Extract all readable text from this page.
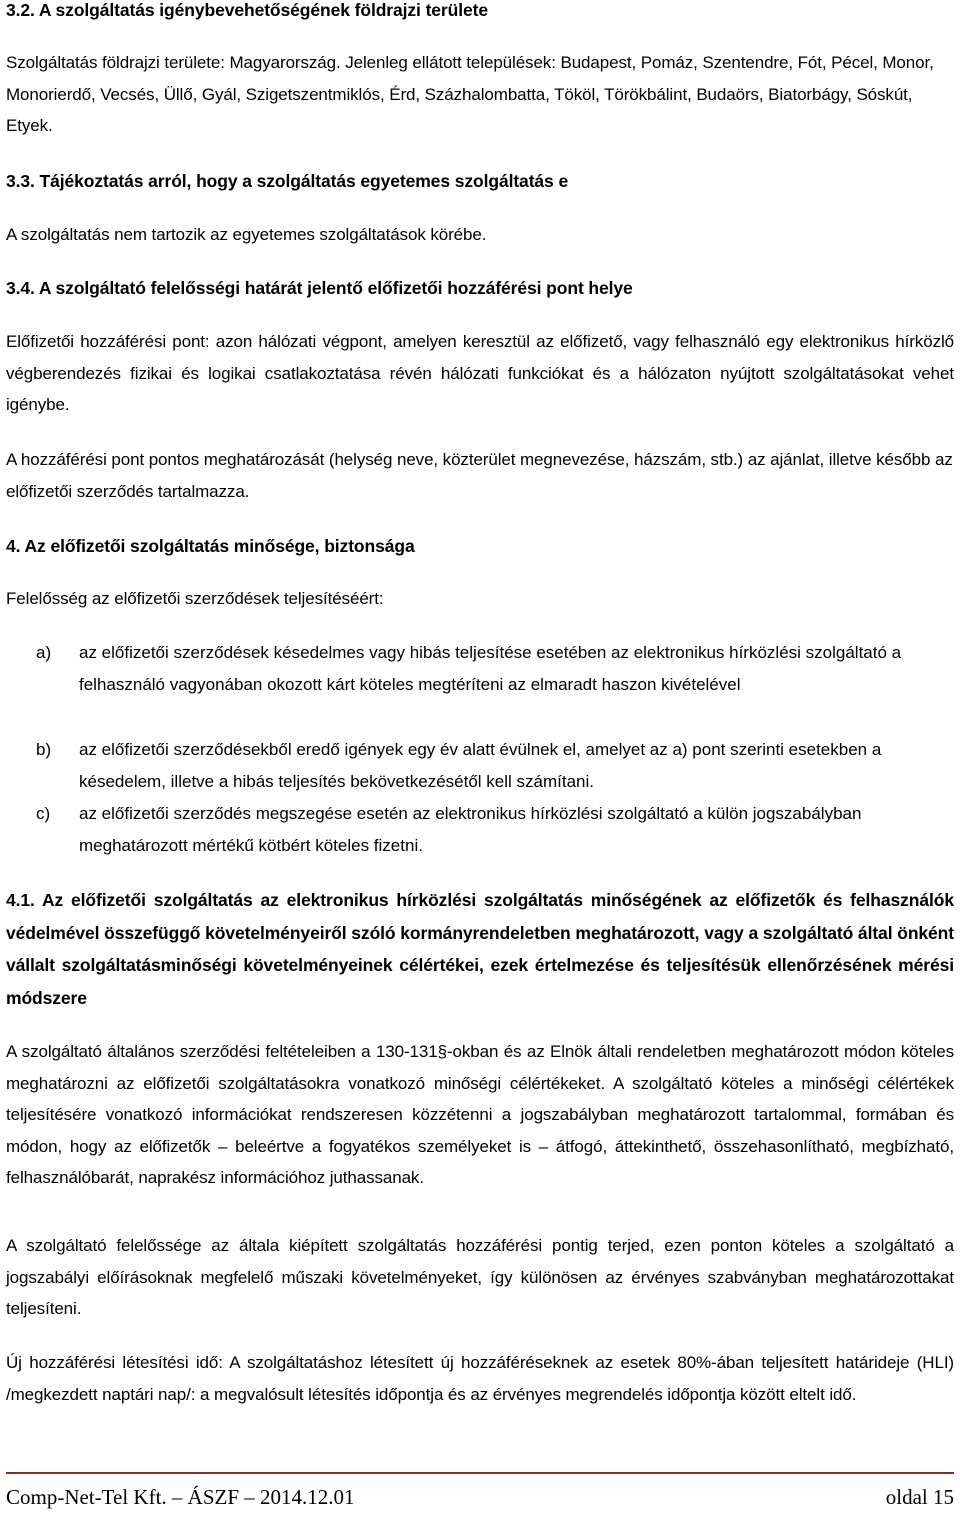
3.2. A szolgáltatás igénybevehetőségének földrajzi területe
Szolgáltatás földrajzi területe: Magyarország. Jelenleg ellátott települések: Budapest, Pomáz, Szentendre, Fót, Pécel, Monor, Monorierdő, Vecsés, Üllő, Gyál, Szigetszentmiklós, Érd, Százhalombatta, Tököl, Törökbálint, Budaörs, Biatorbágy, Sóskút, Etyek.
3.3. Tájékoztatás arról, hogy a szolgáltatás egyetemes szolgáltatás e
A szolgáltatás nem tartozik az egyetemes szolgáltatások körébe.
3.4. A szolgáltató felelősségi határát jelentő előfizetői hozzáférési pont helye
Előfizetői hozzáférési pont: azon hálózati végpont, amelyen keresztül az előfizető, vagy felhasználó egy elektronikus hírközlő végberendezés fizikai és logikai csatlakoztatása révén hálózati funkciókat és a hálózaton nyújtott szolgáltatásokat vehet igénybe.
A hozzáférési pont pontos meghatározását (helység neve, közterület megnevezése, házszám, stb.) az ajánlat, illetve később az előfizetői szerződés tartalmazza.
4. Az előfizetői szolgáltatás minősége, biztonsága
Felelősség az előfizetői szerződések teljesítéséért:
a) az előfizetői szerződések késedelmes vagy hibás teljesítése esetében az elektronikus hírközlési szolgáltató a felhasználó vagyonában okozott kárt köteles megtéríteni az elmaradt haszon kivételével
b) az előfizetői szerződésekből eredő igények egy év alatt évülnek el, amelyet az a) pont szerinti esetekben a késedelem, illetve a hibás teljesítés bekövetkezésétől kell számítani.
c) az előfizetői szerződés megszegése esetén az elektronikus hírközlési szolgáltató a külön jogszabályban meghatározott mértékű kötbért köteles fizetni.
4.1. Az előfizetői szolgáltatás az elektronikus hírközlési szolgáltatás minőségének az előfizetők és felhasználók védelmével összefüggő követelményeiről szóló kormányrendeletben meghatározott, vagy a szolgáltató által önként vállalt szolgáltatásminőségi követelményeinek célértékei, ezek értelmezése és teljesítésük ellenőrzésének mérési módszere
A szolgáltató általános szerződési feltételeiben a 130-131§-okban és az Elnök általi rendeletben meghatározott módon köteles meghatározni az előfizetői szolgáltatásokra vonatkozó minőségi célértékeket. A szolgáltató köteles a minőségi célértékek teljesítésére vonatkozó információkat rendszeresen közzétenni a jogszabályban meghatározott tartalommal, formában és módon, hogy az előfizetők – beleértve a fogyatékos személyeket is – átfogó, áttekinthető, összehasonlítható, megbízható, felhasználóbarát, naprakész információhoz juthassanak.
A szolgáltató felelőssége az általa kiépített szolgáltatás hozzáférési pontig terjed, ezen ponton köteles a szolgáltató a jogszabályi előírásoknak megfelelő műszaki követelményeket, így különösen az érvényes szabványban meghatározottakat teljesíteni.
Új hozzáférési létesítési idő: A szolgáltatáshoz létesített új hozzáféréseknek az esetek 80%-ában teljesített határideje (HLI) /megkezdett naptári nap/: a megvalósult létesítés időpontja és az érvényes megrendelés időpontja között eltelt idő.
Comp-Net-Tel Kft. – ÁSZF – 2014.12.01	oldal 15
